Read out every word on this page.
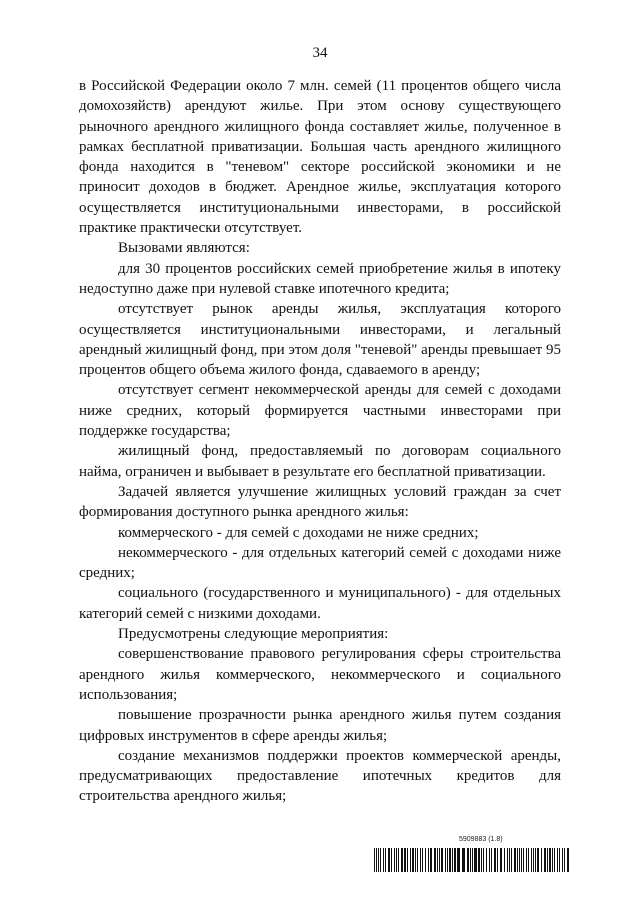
34

в Российской Федерации около 7 млн. семей (11 процентов общего числа домохозяйств) арендуют жилье. При этом основу существующего рыночного арендного жилищного фонда составляет жилье, полученное в рамках бесплатной приватизации. Большая часть арендного жилищного фонда находится в "теневом" секторе российской экономики и не приносит доходов в бюджет. Арендное жилье, эксплуатация которого осуществляется институциональными инвесторами, в российской практике практически отсутствует.

Вызовами являются:

для 30 процентов российских семей приобретение жилья в ипотеку недоступно даже при нулевой ставке ипотечного кредита;

отсутствует рынок аренды жилья, эксплуатация которого осуществляется институциональными инвесторами, и легальный арендный жилищный фонд, при этом доля "теневой" аренды превышает 95 процентов общего объема жилого фонда, сдаваемого в аренду;

отсутствует сегмент некоммерческой аренды для семей с доходами ниже средних, который формируется частными инвесторами при поддержке государства;

жилищный фонд, предоставляемый по договорам социального найма, ограничен и выбывает в результате его бесплатной приватизации.

Задачей является улучшение жилищных условий граждан за счет формирования доступного рынка арендного жилья:

коммерческого - для семей с доходами не ниже средних;

некоммерческого - для отдельных категорий семей с доходами ниже средних;

социального (государственного и муниципального) - для отдельных категорий семей с низкими доходами.

Предусмотрены следующие мероприятия:

совершенствование правового регулирования сферы строительства арендного жилья коммерческого, некоммерческого и социального использования;

повышение прозрачности рынка арендного жилья путем создания цифровых инструментов в сфере аренды жилья;

создание механизмов поддержки проектов коммерческой аренды, предусматривающих предоставление ипотечных кредитов для строительства арендного жилья;

5909883 (1.8)
